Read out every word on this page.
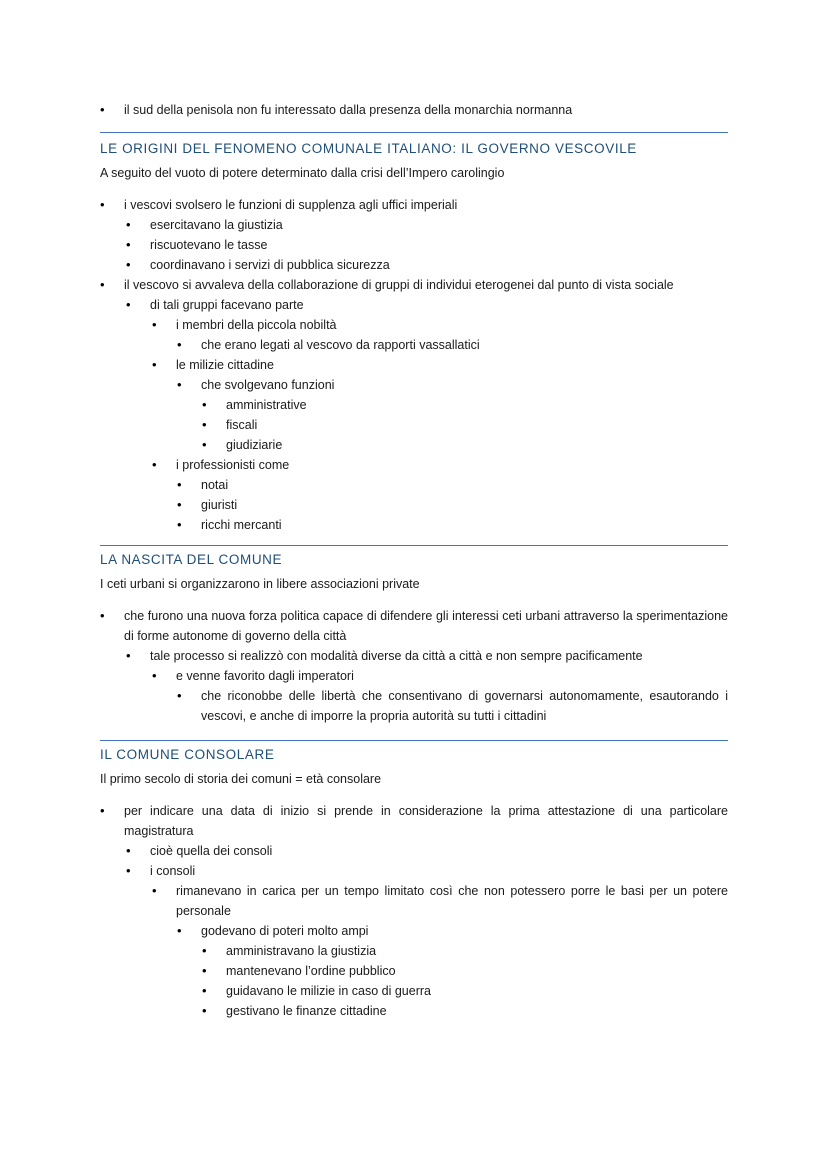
• il sud della penisola non fu interessato dalla presenza della monarchia normanna
LE ORIGINI DEL FENOMENO COMUNALE ITALIANO: IL GOVERNO VESCOVILE

A seguito del vuoto di potere determinato dalla crisi dell’Impero carolingio

• i vescovi svolsero le funzioni di supplenza agli uffici imperiali
• esercitavano la giustizia
• riscuotevano le tasse
• coordinavano i servizi di pubblica sicurezza
• il vescovo si avvaleva della collaborazione di gruppi di individui eterogenei dal punto di vista sociale
• di tali gruppi facevano parte
• i membri della piccola nobiltà
• che erano legati al vescovo da rapporti vassallatici
• le milizie cittadine
• che svolgevano funzioni
• amministrative
• fiscali
• giudiziarie
• i professionisti come
• notai
• giuristi
• ricchi mercanti
LA NASCITA DEL COMUNE

I ceti urbani si organizzarono in libere associazioni private

• che furono una nuova forza politica capace di difendere gli interessi ceti urbani attraverso la sperimentazione di forme autonome di governo della città
• tale processo si realizzò con modalità diverse da città a città e non sempre pacificamente
• e venne favorito dagli imperatori
• che riconobbe delle libertà che consentivano di governarsi autonomamente, esautorando i vescovi, e anche di imporre la propria autorità su tutti i cittadini
IL COMUNE CONSOLARE

Il primo secolo di storia dei comuni = età consolare

• per indicare una data di inizio si prende in considerazione la prima attestazione di una particolare magistratura
• cioè quella dei consoli
• i consoli
• rimanevano in carica per un tempo limitato così che non potessero porre le basi per un potere personale
• godevano di poteri molto ampi
• amministravano la giustizia
• mantenevano l’ordine pubblico
• guidavano le milizie in caso di guerra
• gestivano le finanze cittadine
